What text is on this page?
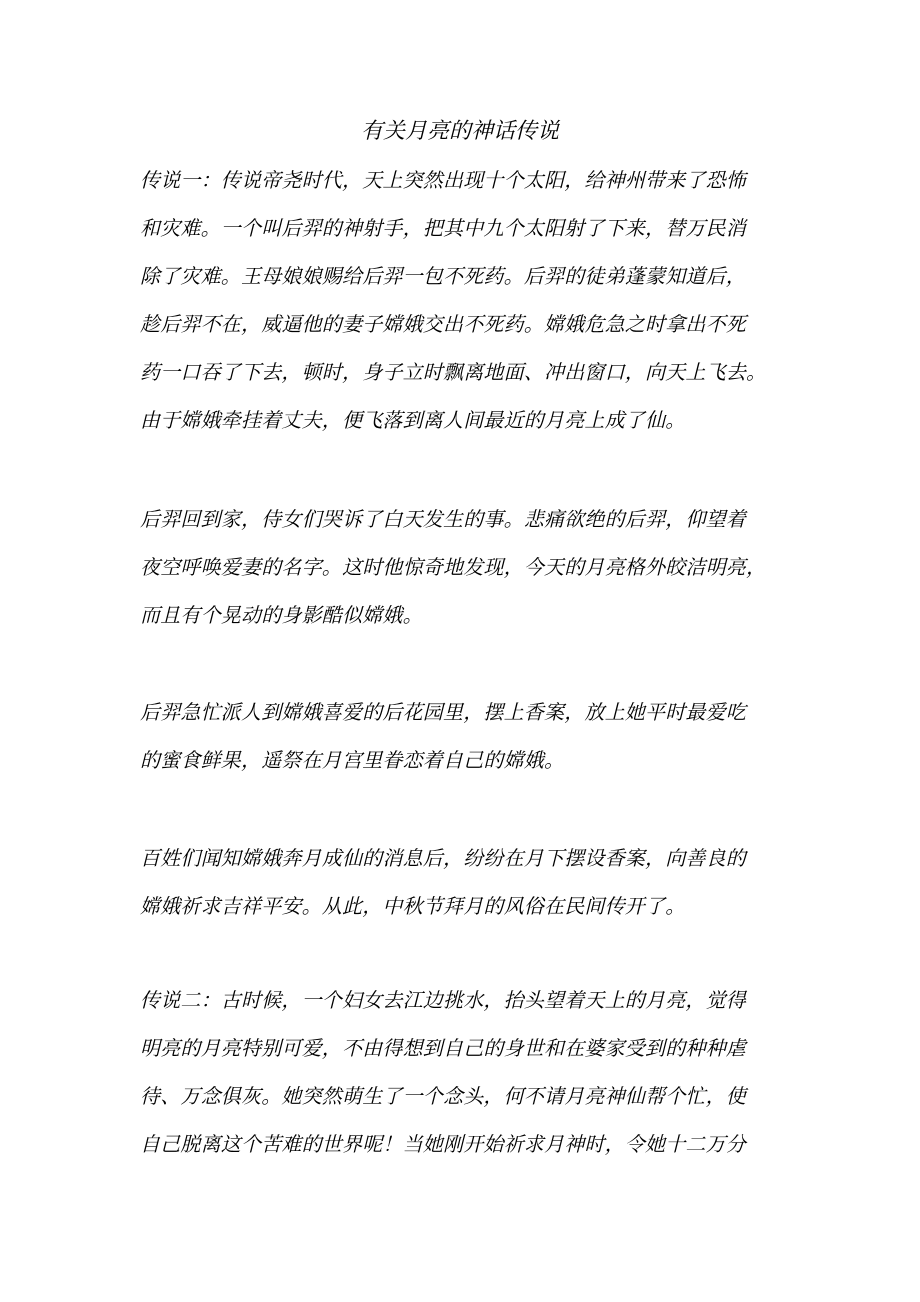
有关月亮的神话传说
传说一：传说帝尧时代，天上突然出现十个太阳，给神州带来了恐怖
和灾难。一个叫后羿的神射手，把其中九个太阳射了下来，替万民消
除了灾难。王母娘娘赐给后羿一包不死药。后羿的徒弟蓬蒙知道后，
趁后羿不在，威逼他的妻子嫦娥交出不死药。嫦娥危急之时拿出不死
药一口吞了下去，顿时，身子立时飘离地面、冲出窗口，向天上飞去。
由于嫦娥牵挂着丈夫，便飞落到离人间最近的月亮上成了仙。
后羿回到家，侍女们哭诉了白天发生的事。悲痛欲绝的后羿，仰望着
夜空呼唤爱妻的名字。这时他惊奇地发现，今天的月亮格外皎洁明亮，
而且有个晃动的身影酷似嫦娥。
后羿急忙派人到嫦娥喜爱的后花园里，摆上香案，放上她平时最爱吃
的蜜食鲜果，遥祭在月宫里眷恋着自己的嫦娥。
百姓们闻知嫦娥奔月成仙的消息后，纷纷在月下摆设香案，向善良的
嫦娥祈求吉祥平安。从此，中秋节拜月的风俗在民间传开了。
传说二：古时候，一个妇女去江边挑水，抬头望着天上的月亮，觉得
明亮的月亮特别可爱，不由得想到自己的身世和在婆家受到的种种虐
待、万念俱灰。她突然萌生了一个念头，何不请月亮神仙帮个忙，使
自己脱离这个苦难的世界呢！当她刚开始祈求月神时，令她十二万分
